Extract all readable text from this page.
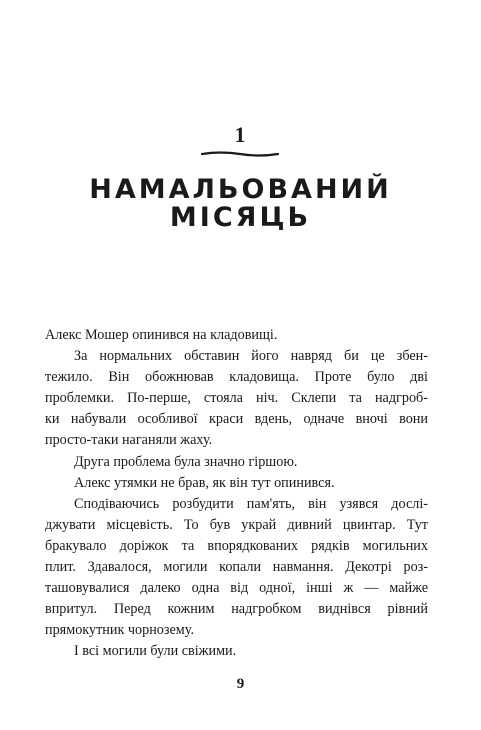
1
НАМАЛЬОВАНИЙ
МІСЯЦЬ
Алекс Мошер опинився на кладовищі.
За нормальних обставин його навряд би це збен-
тежило. Він обожнював кладовища. Проте було дві
проблемки. По-перше, стояла ніч. Склепи та надгроб-
ки набували особливої краси вдень, одначе вночі вони
просто-таки наганяли жаху.
Друга проблема була значно гіршою.
Алекс утямки не брав, як він тут опинився.
Сподіваючись розбудити пам'ять, він узявся дослі-
джувати місцевість. То був украй дивний цвинтар. Тут
бракувало доріжок та впорядкованих рядків могильних
плит. Здавалося, могили копали навмання. Декотрі роз-
ташовувалися далеко одна від одної, інші ж — майже
впритул. Перед кожним надгробком виднівся рівний
прямокутник чорнозему.
І всі могили були свіжими.
9
